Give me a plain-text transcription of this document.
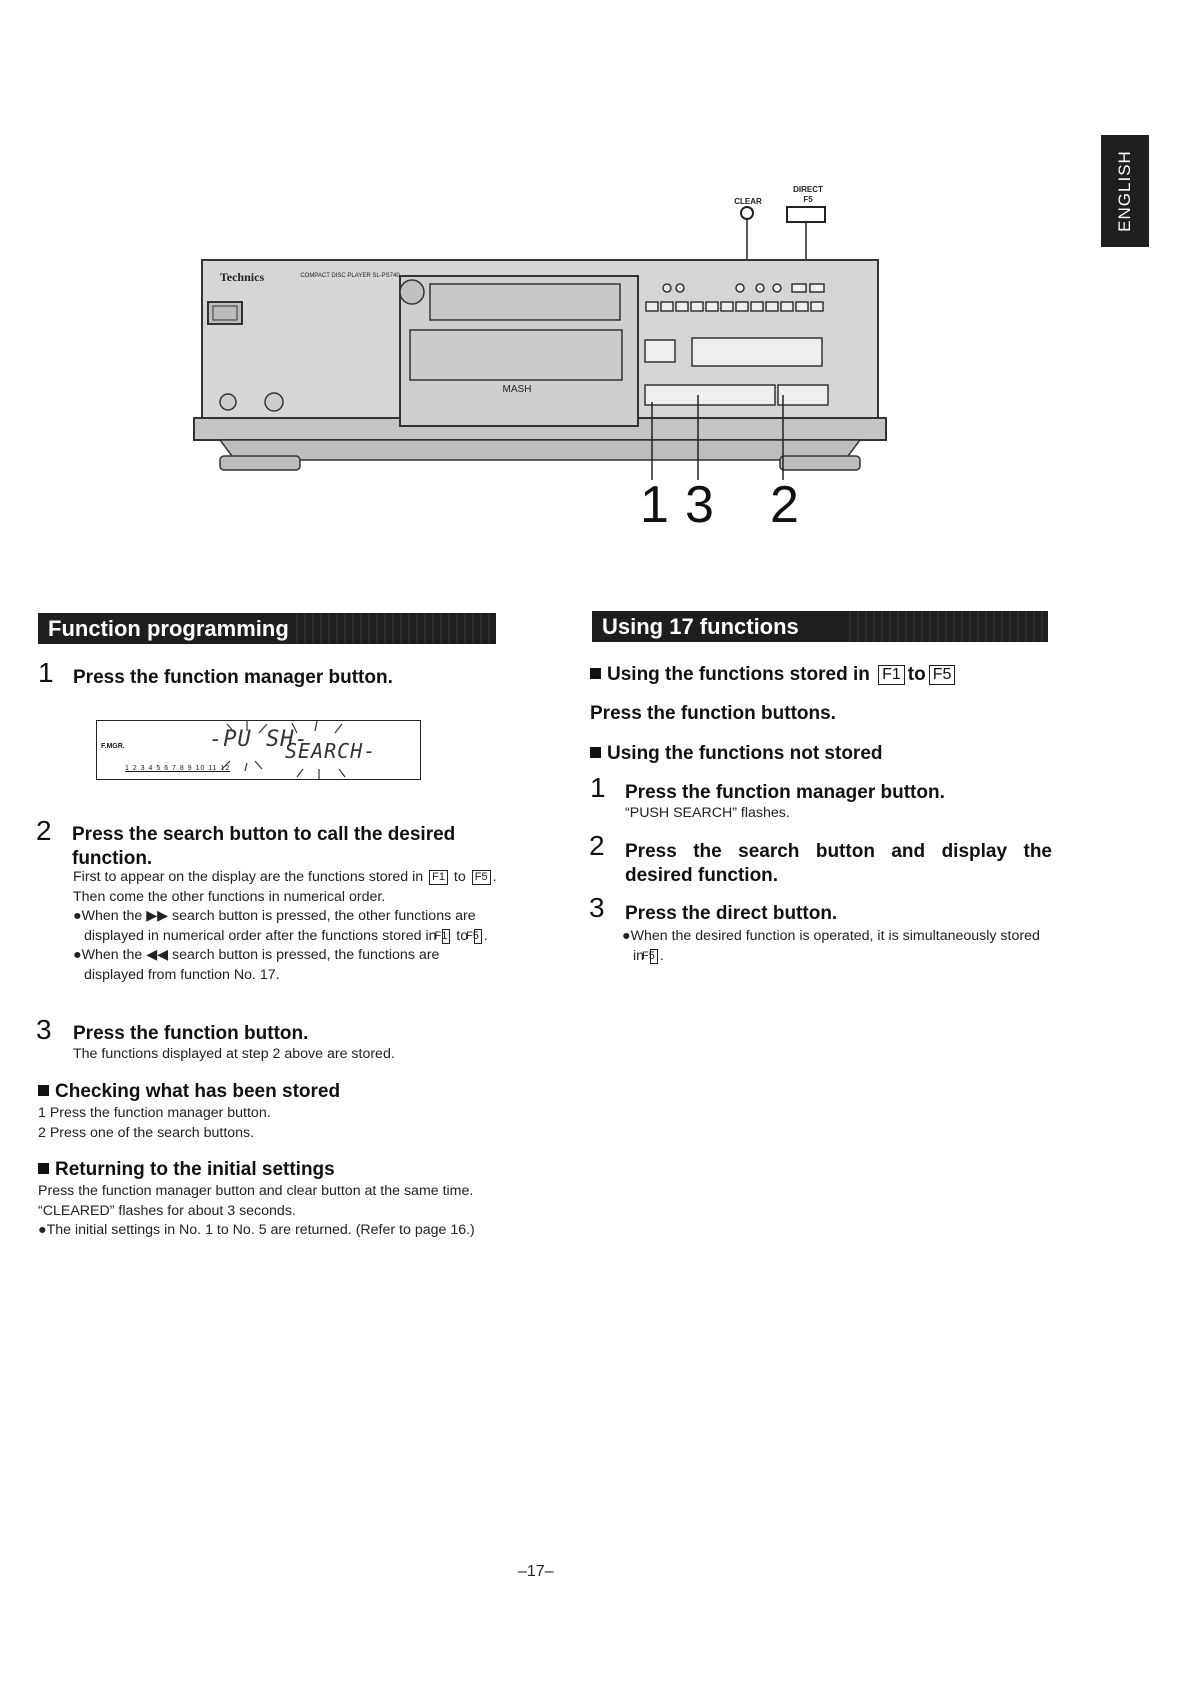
ENGLISH
Technics	COMPACT DISC PLAYER SL-PS740
MASH
CLEAR
DIRECT
F5
1 3 2
Function programming
1 Press the function manager button.
F.MGR.	-PU SH-
SEARCH-
1 2 3 4 5 6 7 8 9 10 11 12
2 Press the search button to call the desired function.

First to appear on the display are the functions stored in F1 to F5 . Then come the other functions in numerical order.

●When the ▶▶ search button is pressed, the other functions are displayed in numerical order after the functions stored in F1 to F5 .

●When the ◀◀ search button is pressed, the functions are displayed from function No. 17.

3 Press the function button.
The functions displayed at step 2 above are stored.
Checking what has been stored

1 Press the function manager button.

2 Press one of the search buttons.

Returning to the initial settings

Press the function manager button and clear button at the same time. “CLEARED” flashes for about 3 seconds.

●The initial settings in No. 1 to No. 5 are returned. (Refer to page 16.)

Using 17 functions
Using the functions stored in F1 to F5
Press the function buttons.
Using the functions not stored
1 Press the function manager button.
“PUSH SEARCH” flashes.
2 Press the search button and display the desired function.
3 Press the direct button.

●When the desired function is operated, it is simultaneously stored in F5 .

–17–
